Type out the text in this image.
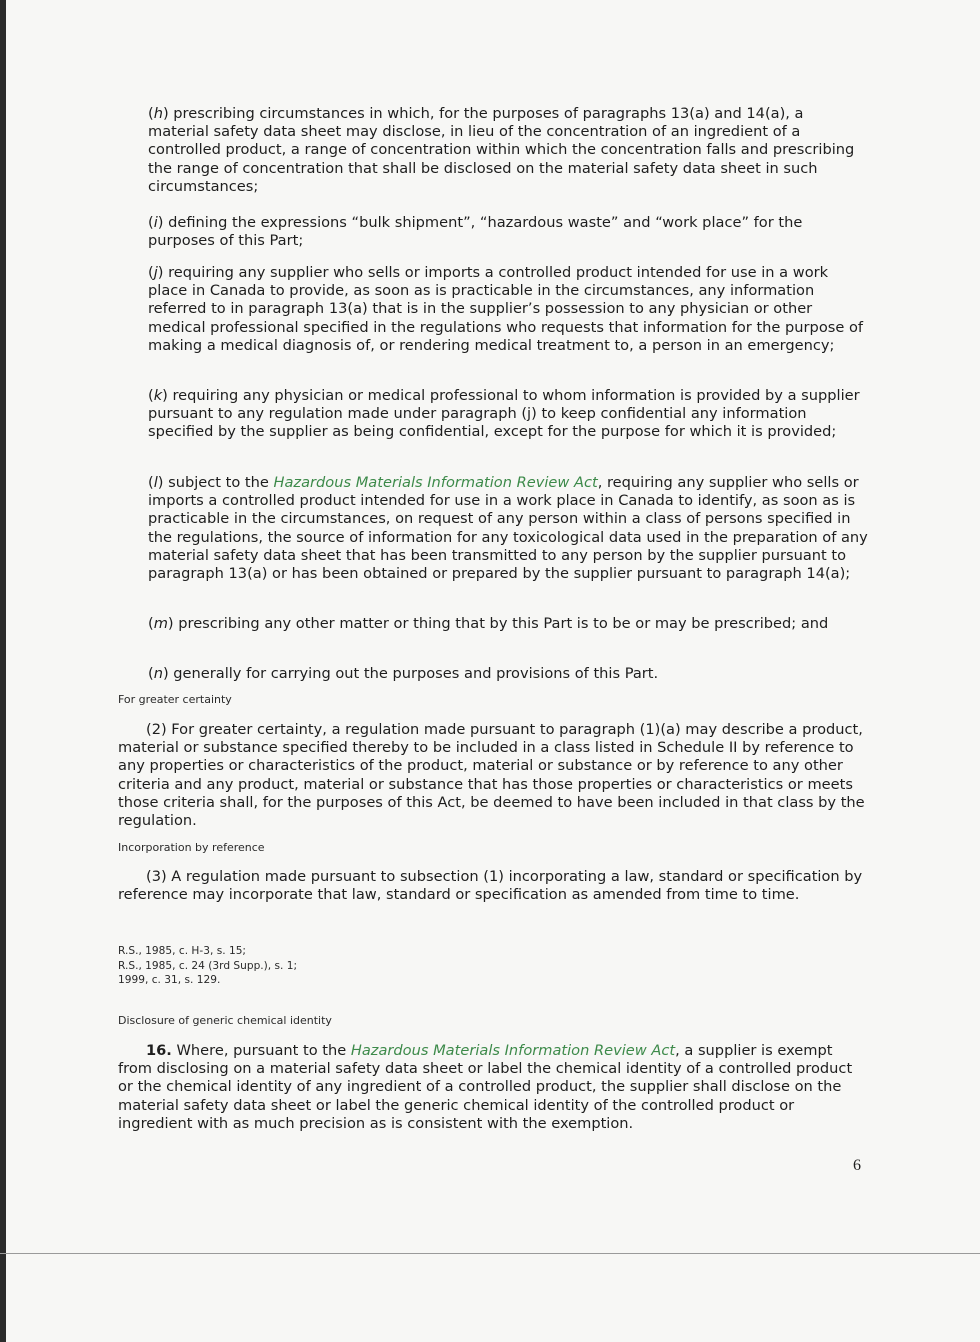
(h) prescribing circumstances in which, for the purposes of paragraphs 13(a) and 14(a), a material safety data sheet may disclose, in lieu of the concentration of an ingredient of a controlled product, a range of concentration within which the concentration falls and prescribing the range of concentration that shall be disclosed on the material safety data sheet in such circumstances;

(i) defining the expressions “bulk shipment”, “hazardous waste” and “work place” for the purposes of this Part;

(j) requiring any supplier who sells or imports a controlled product intended for use in a work place in Canada to provide, as soon as is practicable in the circumstances, any information referred to in paragraph 13(a) that is in the supplier’s possession to any physician or other medical professional specified in the regulations who requests that information for the purpose of making a medical diagnosis of, or rendering medical treatment to, a person in an emergency;

(k) requiring any physician or medical professional to whom information is provided by a supplier pursuant to any regulation made under paragraph (j) to keep confidential any information specified by the supplier as being confidential, except for the purpose for which it is provided;

(l) subject to the Hazardous Materials Information Review Act, requiring any supplier who sells or imports a controlled product intended for use in a work place in Canada to identify, as soon as is practicable in the circumstances, on request of any person within a class of persons specified in the regulations, the source of information for any toxicological data used in the preparation of any material safety data sheet that has been transmitted to any person by the supplier pursuant to paragraph 13(a) or has been obtained or prepared by the supplier pursuant to paragraph 14(a);

(m) prescribing any other matter or thing that by this Part is to be or may be prescribed; and

(n) generally for carrying out the purposes and provisions of this Part.

For greater certainty

(2) For greater certainty, a regulation made pursuant to paragraph (1)(a) may describe a product, material or substance specified thereby to be included in a class listed in Schedule II by reference to any properties or characteristics of the product, material or substance or by reference to any other criteria and any product, material or substance that has those properties or characteristics or meets those criteria shall, for the purposes of this Act, be deemed to have been included in that class by the regulation.

Incorporation by reference

(3) A regulation made pursuant to subsection (1) incorporating a law, standard or specification by reference may incorporate that law, standard or specification as amended from time to time.

R.S., 1985, c. H-3, s. 15;
R.S., 1985, c. 24 (3rd Supp.), s. 1;
1999, c. 31, s. 129.

Disclosure of generic chemical identity

16. Where, pursuant to the Hazardous Materials Information Review Act, a supplier is exempt from disclosing on a material safety data sheet or label the chemical identity of a controlled product or the chemical identity of any ingredient of a controlled product, the supplier shall disclose on the material safety data sheet or label the generic chemical identity of the controlled product or ingredient with as much precision as is consistent with the exemption.

6
